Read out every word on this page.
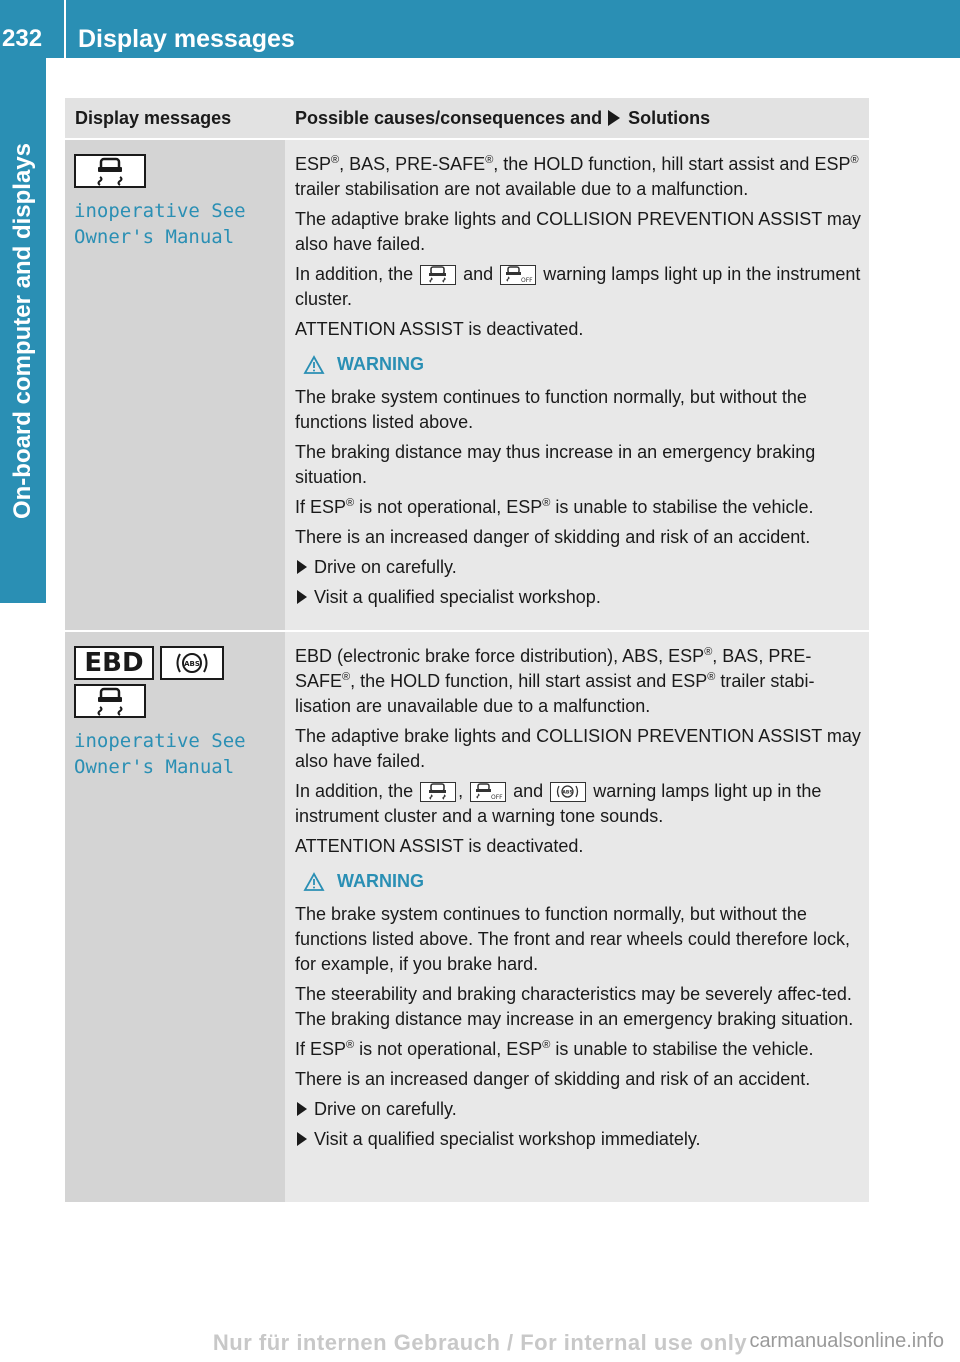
232	Display messages
On-board computer and displays
Display messages	Possible causes/consequences and Solutions
inoperative See
Owner's Manual

ESP®, BAS, PRE-SAFE®, the HOLD function, hill start assist and ESP® trailer stabilisation are not available due to a malfunction.

The adaptive brake lights and COLLISION PREVENTION ASSIST may also have failed.

In addition, the	and	OFF warning lamps light up in the instrument cluster.

ATTENTION ASSIST is deactivated.

WARNING

The brake system continues to function normally, but without the functions listed above.

The braking distance may thus increase in an emergency braking situation.

If ESP® is not operational, ESP® is unable to stabilise the vehicle.

There is an increased danger of skidding and risk of an accident.

Drive on carefully.

Visit a qualified specialist workshop.

EBD	ABS
inoperative See
Owner's Manual

EBD (electronic brake force distribution), ABS, ESP®, BAS, PRE-SAFE®, the HOLD function, hill start assist and ESP® trailer stabi-lisation are unavailable due to a malfunction.

The adaptive brake lights and COLLISION PREVENTION ASSIST may also have failed.

In addition, the	,	OFF and	ABS warning lamps light up in the instrument cluster and a warning tone sounds.

ATTENTION ASSIST is deactivated.

WARNING

The brake system continues to function normally, but without the functions listed above. The front and rear wheels could therefore lock, for example, if you brake hard.

The steerability and braking characteristics may be severely affec-ted. The braking distance may increase in an emergency braking situation.

If ESP® is not operational, ESP® is unable to stabilise the vehicle.

There is an increased danger of skidding and risk of an accident.

Drive on carefully.

Visit a qualified specialist workshop immediately.

Nur für internen Gebrauch / For internal use only carmanualsonline.info
